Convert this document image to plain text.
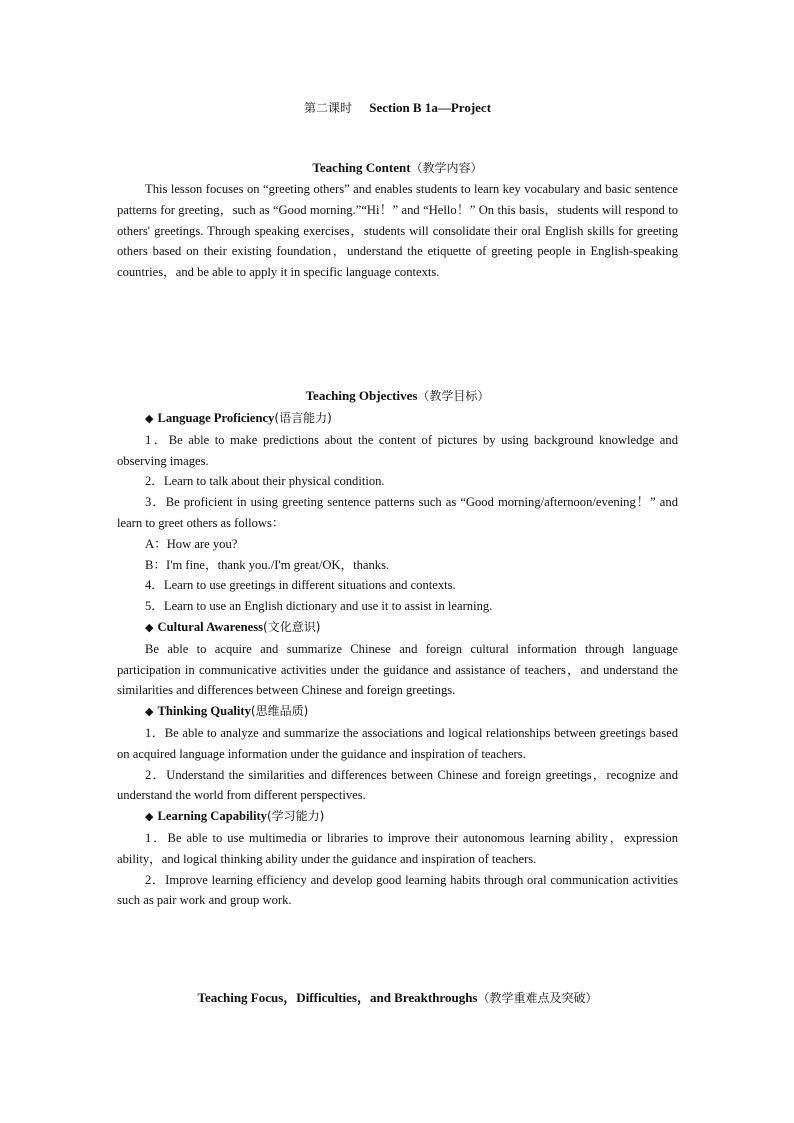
第二课时 Section B 1a—Project
Teaching Content（教学内容）

This lesson focuses on “greeting others” and enables students to learn key vocabulary and basic sentence patterns for greeting，such as “Good morning.”“Hi！” and “Hello！” On this basis，students will respond to others' greetings. Through speaking exercises，students will consolidate their oral English skills for greeting others based on their existing foundation，understand the etiquette of greeting people in English-speaking countries，and be able to apply it in specific language contexts.

Teaching Objectives（教学目标）

◆ Language Proficiency(语言能力)

1．Be able to make predictions about the content of pictures by using background knowledge and observing images.

2．Learn to talk about their physical condition.

3．Be proficient in using greeting sentence patterns such as “Good morning/afternoon/evening！” and learn to greet others as follows：

A：How are you?

B：I'm fine，thank you./I'm great/OK，thanks.

4．Learn to use greetings in different situations and contexts.

5．Learn to use an English dictionary and use it to assist in learning.

◆ Cultural Awareness(文化意识)

Be able to acquire and summarize Chinese and foreign cultural information through language participation in communicative activities under the guidance and assistance of teachers，and understand the similarities and differences between Chinese and foreign greetings.

◆ Thinking Quality(思维品质)

1．Be able to analyze and summarize the associations and logical relationships between greetings based on acquired language information under the guidance and inspiration of teachers.

2．Understand the similarities and differences between Chinese and foreign greetings，recognize and understand the world from different perspectives.

◆ Learning Capability(学习能力)

1．Be able to use multimedia or libraries to improve their autonomous learning ability，expression ability，and logical thinking ability under the guidance and inspiration of teachers.

2．Improve learning efficiency and develop good learning habits through oral communication activities such as pair work and group work.

Teaching Focus，Difficulties，and Breakthroughs（教学重难点及突破）
